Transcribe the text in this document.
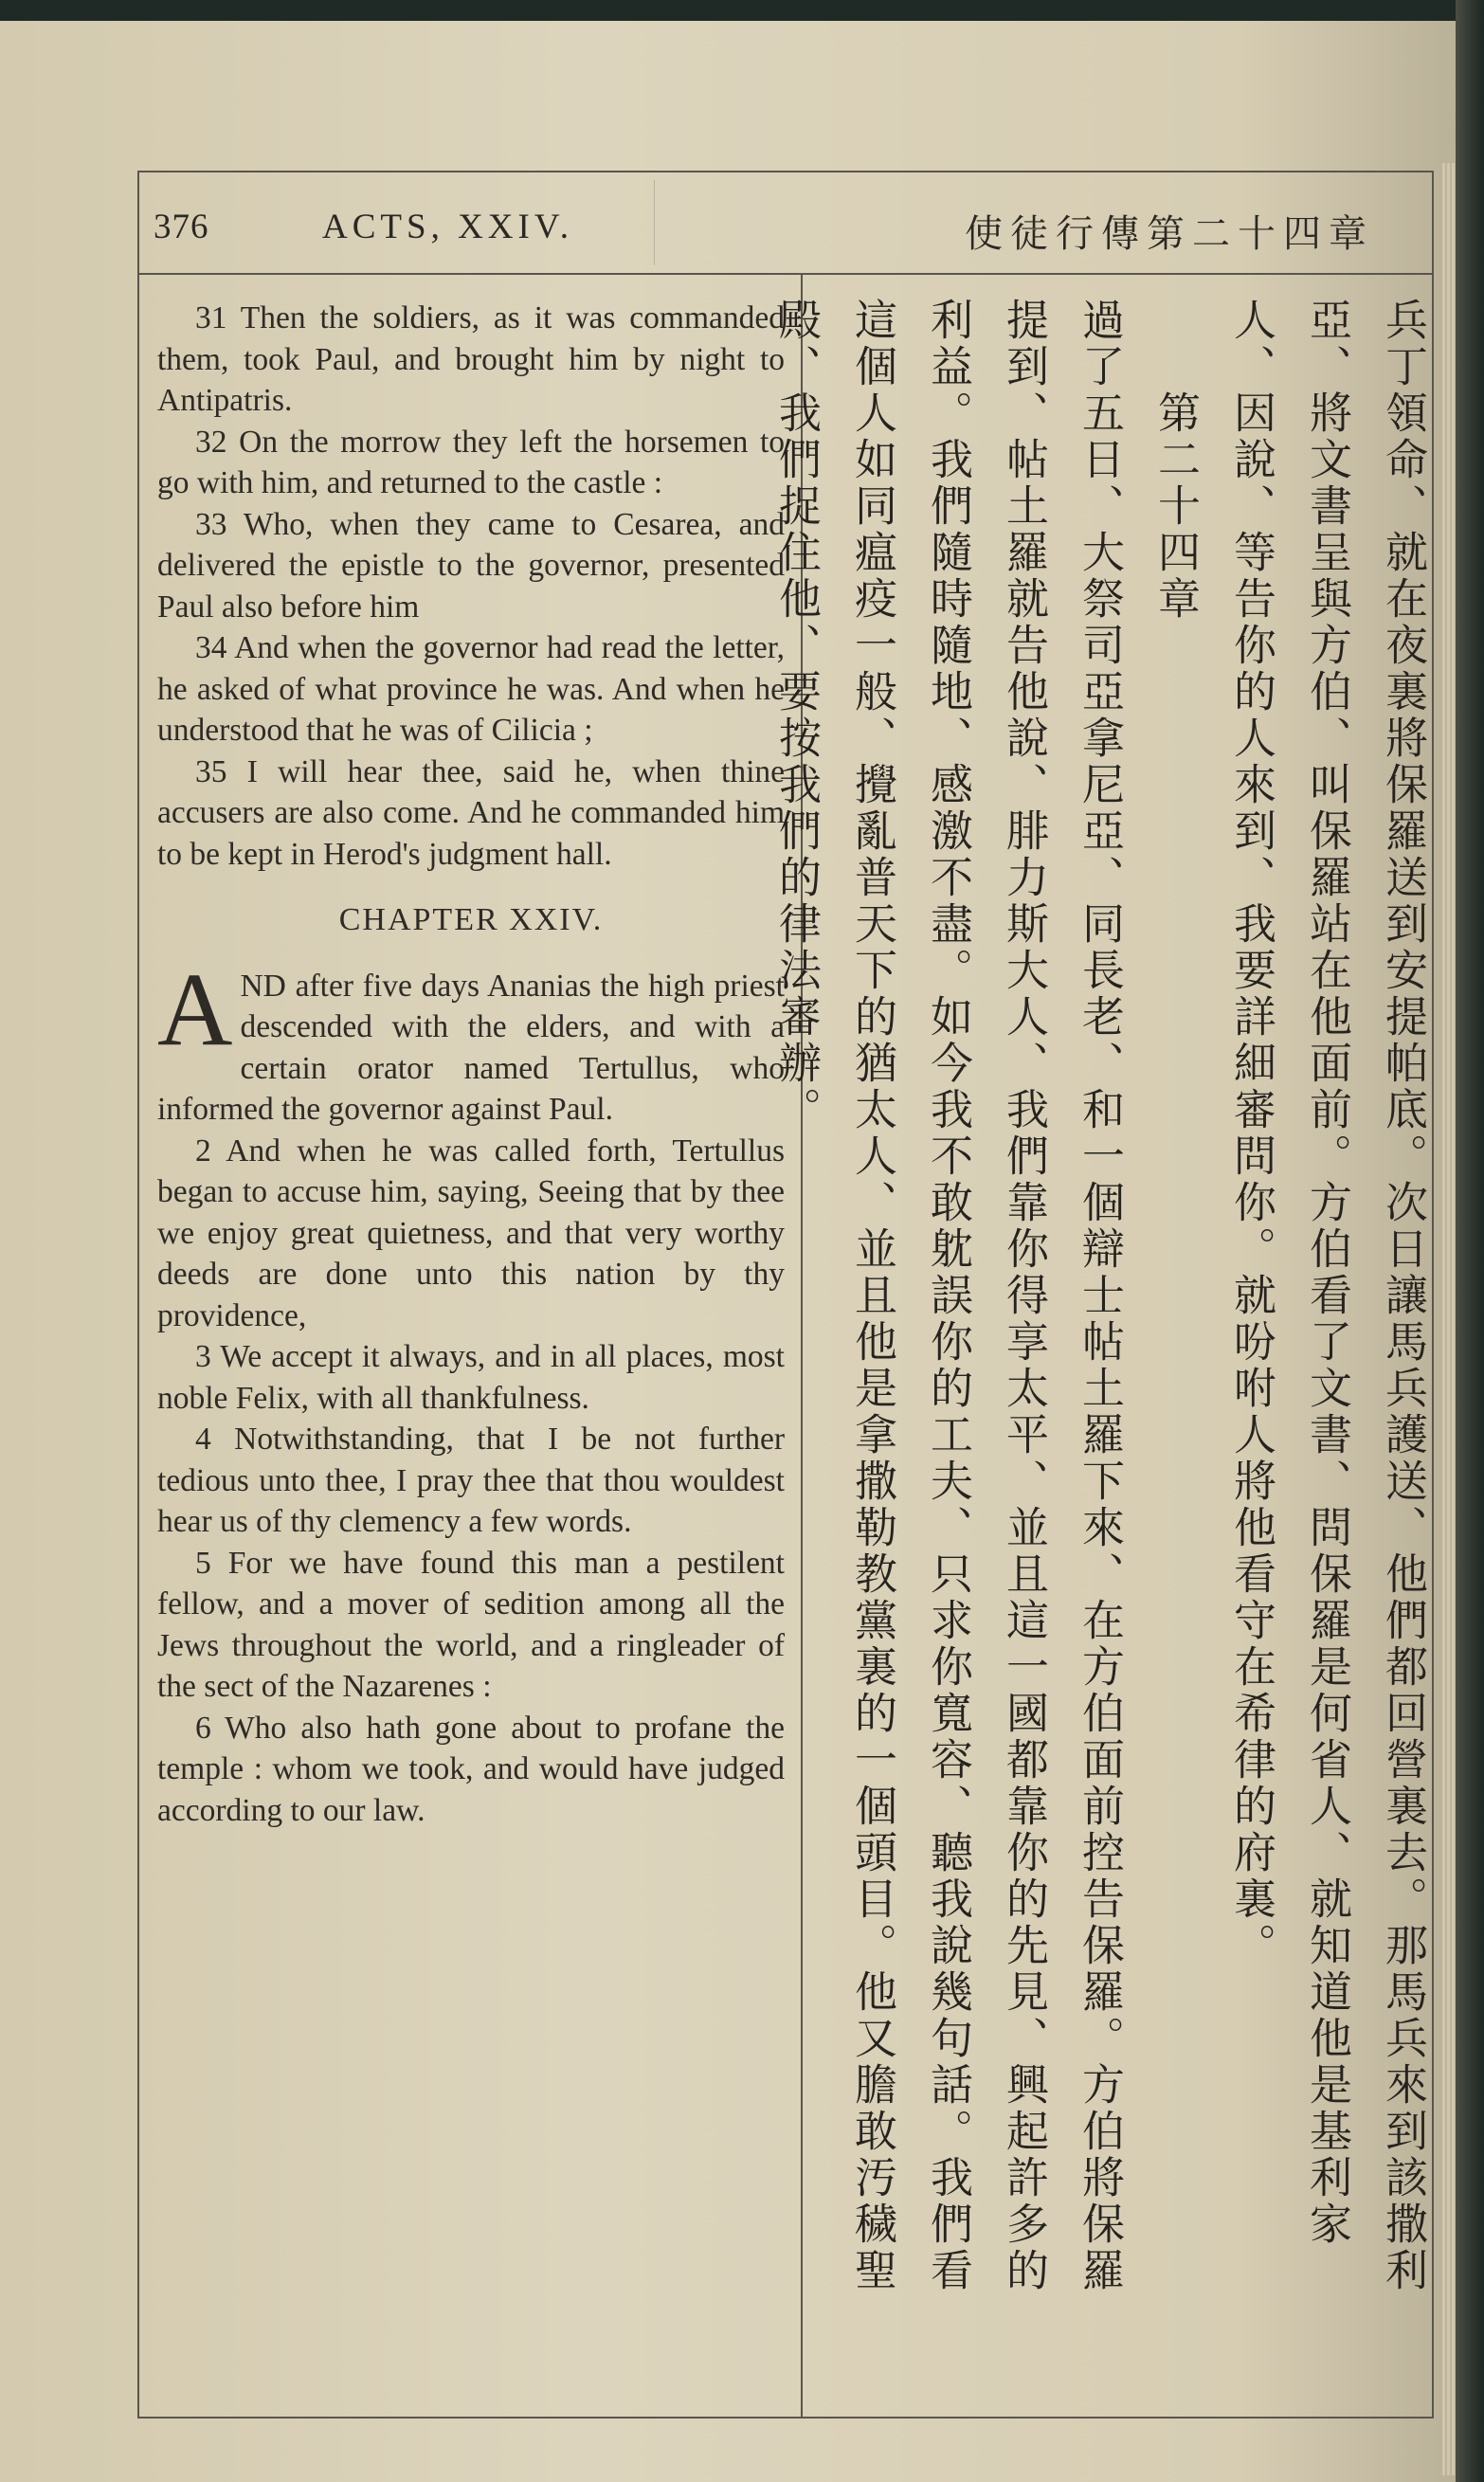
376	ACTS, XXIV.	使徒行傳第二十四章

31 Then the soldiers, as it was commanded them, took Paul, and brought him by night to Antipatris.

32 On the morrow they left the horsemen to go with him, and returned to the castle :

33 Who, when they came to Cesarea, and delivered the epistle to the governor, presented Paul also before him

34 And when the governor had read the letter, he asked of what province he was. And when he understood that he was of Cilicia ;

35 I will hear thee, said he, when thine accusers are also come. And he commanded him to be kept in Herod's judgment hall.

CHAPTER XXIV.

AND after five days Ananias the high priest descended with the elders, and with a certain orator named Tertullus, who informed the governor against Paul.

2 And when he was called forth, Tertullus began to accuse him, saying, Seeing that by thee we enjoy great quietness, and that very worthy deeds are done unto this nation by thy providence,

3 We accept it always, and in all places, most noble Felix, with all thankfulness.

4 Notwithstanding, that I be not further tedious unto thee, I pray thee that thou wouldest hear us of thy clemency a few words.

5 For we have found this man a pestilent fellow, and a mover of sedition among all the Jews throughout the world, and a ringleader of the sect of the Nazarenes :

6 Who also hath gone about to profane the temple : whom we took, and would have judged according to our law.	兵丁領命、就在夜裏將保羅送到安提帕底。次日讓馬兵護送、他們都回營裏去。那馬兵來到該撒利亞、將文書呈與方伯、叫保羅站在他面前。方伯看了文書、問保羅是何省人、就知道他是基利家人、因說、等告你的人來到、我要詳細審問你。就吩咐人將他看守在希律的府裏。
　　第二十四章
過了五日、大祭司亞拿尼亞、同長老、和一個辯士帖土羅下來、在方伯面前控告保羅。方伯將保羅提到、帖土羅就告他說、腓力斯大人、我們靠你得享太平、並且這一國都靠你的先見、興起許多的利益。我們隨時隨地、感激不盡。如今我不敢躭誤你的工夫、只求你寬容、聽我說幾句話。我們看這個人如同瘟疫一般、攪亂普天下的猶太人、並且他是拿撒勒教黨裏的一個頭目。他又膽敢汚穢聖殿、我們捉住他、要按我們的律法審辦。
